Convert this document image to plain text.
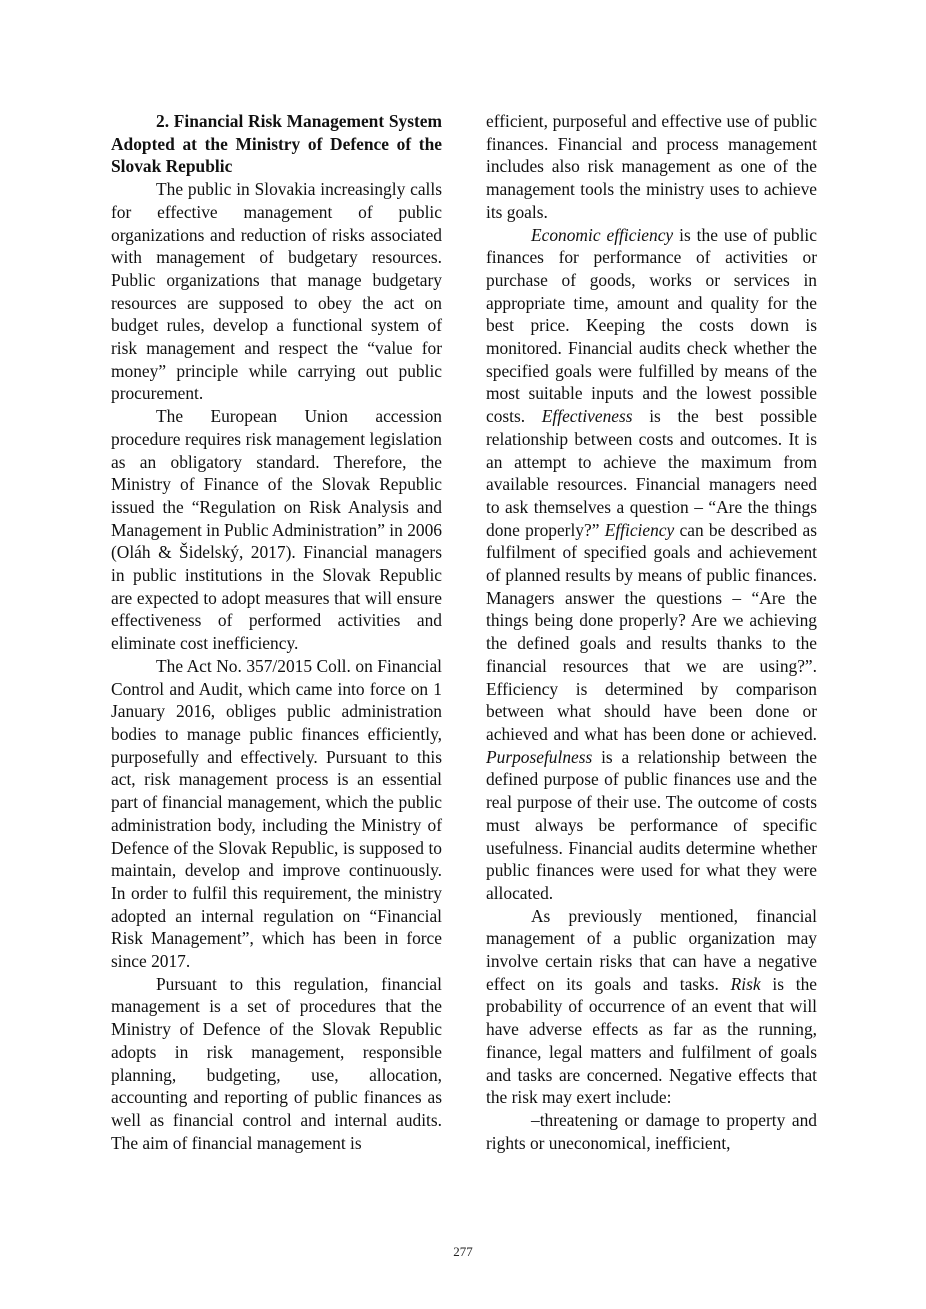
2. Financial Risk Management System Adopted at the Ministry of Defence of the Slovak Republic

The public in Slovakia increasingly calls for effective management of public organizations and reduction of risks associated with management of budgetary resources. Public organizations that manage budgetary resources are supposed to obey the act on budget rules, develop a functional system of risk management and respect the “value for money” principle while carrying out public procurement.

The European Union accession procedure requires risk management legislation as an obligatory standard. Therefore, the Ministry of Finance of the Slovak Republic issued the “Regulation on Risk Analysis and Management in Public Administration” in 2006 (Oláh & Šidelský, 2017). Financial managers in public institutions in the Slovak Republic are expected to adopt measures that will ensure effectiveness of performed activities and eliminate cost inefficiency.

The Act No. 357/2015 Coll. on Financial Control and Audit, which came into force on 1 January 2016, obliges public administration bodies to manage public finances efficiently, purposefully and effectively. Pursuant to this act, risk management process is an essential part of financial management, which the public administration body, including the Ministry of Defence of the Slovak Republic, is supposed to maintain, develop and improve continuously. In order to fulfil this requirement, the ministry adopted an internal regulation on “Financial Risk Management”, which has been in force since 2017.

Pursuant to this regulation, financial management is a set of procedures that the Ministry of Defence of the Slovak Republic adopts in risk management, responsible planning, budgeting, use, allocation, accounting and reporting of public finances as well as financial control and internal audits. The aim of financial management is

efficient, purposeful and effective use of public finances. Financial and process management includes also risk management as one of the management tools the ministry uses to achieve its goals.

Economic efficiency is the use of public finances for performance of activities or purchase of goods, works or services in appropriate time, amount and quality for the best price. Keeping the costs down is monitored. Financial audits check whether the specified goals were fulfilled by means of the most suitable inputs and the lowest possible costs. Effectiveness is the best possible relationship between costs and outcomes. It is an attempt to achieve the maximum from available resources. Financial managers need to ask themselves a question – “Are the things done properly?” Efficiency can be described as fulfilment of specified goals and achievement of planned results by means of public finances. Managers answer the questions – “Are the things being done properly? Are we achieving the defined goals and results thanks to the financial resources that we are using?”. Efficiency is determined by comparison between what should have been done or achieved and what has been done or achieved. Purposefulness is a relationship between the defined purpose of public finances use and the real purpose of their use. The outcome of costs must always be performance of specific usefulness. Financial audits determine whether public finances were used for what they were allocated.

As previously mentioned, financial management of a public organization may involve certain risks that can have a negative effect on its goals and tasks. Risk is the probability of occurrence of an event that will have adverse effects as far as the running, finance, legal matters and fulfilment of goals and tasks are concerned. Negative effects that the risk may exert include:

–threatening or damage to property and rights or uneconomical, inefficient,

277
